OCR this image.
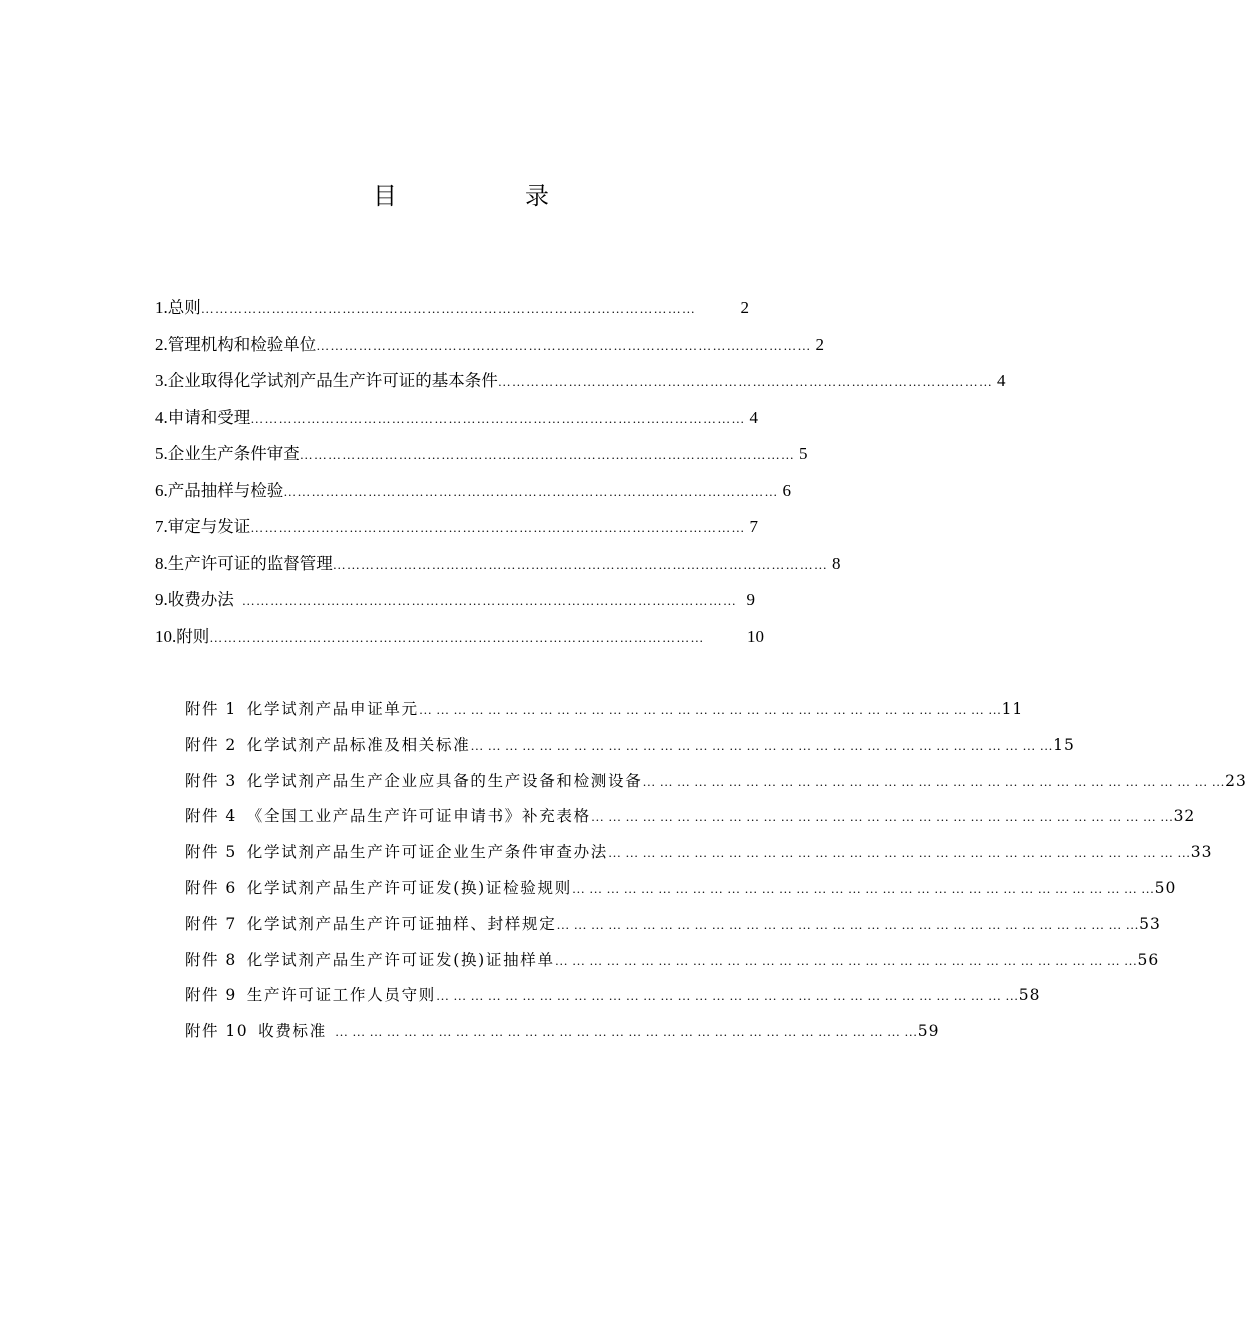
目	录
1. 总则 ……………………………………………………………………………………………	2
2. 管理机构和检验单位 …………………………………………………………………………………………… 2
3. 企业取得化学试剂产品生产许可证的基本条件 …………………………………………………………………………………………… 4
4. 申请和受理 …………………………………………………………………………………………… 4
5. 企业生产条件审查 …………………………………………………………………………………………… 5
6. 产品抽样与检验 …………………………………………………………………………………………… 6
7. 审定与发证 …………………………………………………………………………………………… 7
8. 生产许可证的监督管理 …………………………………………………………………………………………… 8
9. 收费办法 …………………………………………………………………………………………… 9
10. 附则 ……………………………………………………………………………………………	10
附件 1 化学试剂产品申证单元 … … … … … … … … … … … … … … … … … … … … … … … … … … … … … … … … … … 11
附件 2 化学试剂产品标准及相关标准 … … … … … … … … … … … … … … … … … … … … … … … … … … … … … … … … … … 15
附件 3 化学试剂产品生产企业应具备的生产设备和检测设备 … … … … … … … … … … … … … … … … … … … … … … … … … … … … … … … … … … 23
附件 4 《全国工业产品生产许可证申请书》补充表格 … … … … … … … … … … … … … … … … … … … … … … … … … … … … … … … … … … 32
附件 5 化学试剂产品生产许可证企业生产条件审查办法 … … … … … … … … … … … … … … … … … … … … … … … … … … … … … … … … … … 33
附件 6 化学试剂产品生产许可证发(换)证检验规则 … … … … … … … … … … … … … … … … … … … … … … … … … … … … … … … … … … 50
附件 7 化学试剂产品生产许可证抽样、封样规定 … … … … … … … … … … … … … … … … … … … … … … … … … … … … … … … … … … 53
附件 8 化学试剂产品生产许可证发(换)证抽样单 … … … … … … … … … … … … … … … … … … … … … … … … … … … … … … … … … … 56
附件 9 生产许可证工作人员守则 … … … … … … … … … … … … … … … … … … … … … … … … … … … … … … … … … … 58
附件 10 收费标准 … … … … … … … … … … … … … … … … … … … … … … … … … … … … … … … … … … 59
